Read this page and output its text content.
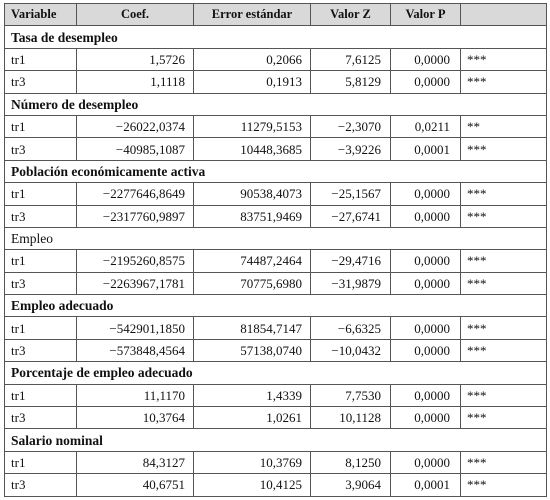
Variable	Coef.	Error estándar	Valor Z	Valor P	
Tasa de desempleo					
tr1	1,5726	0,2066	7,6125	0,0000	***
tr3	1,1118	0,1913	5,8129	0,0000	***
Número de desempleo					
tr1	−26022,0374	11279,5153	−2,3070	0,0211	**
tr3	−40985,1087	10448,3685	−3,9226	0,0001	***
Población económicamente activa					
tr1	−2277646,8649	90538,4073	−25,1567	0,0000	***
tr3	−2317760,9897	83751,9469	−27,6741	0,0000	***
Empleo					
tr1	−2195260,8575	74487,2464	−29,4716	0,0000	***
tr3	−2263967,1781	70775,6980	−31,9879	0,0000	***
Empleo adecuado					
tr1	−542901,1850	81854,7147	−6,6325	0,0000	***
tr3	−573848,4564	57138,0740	−10,0432	0,0000	***
Porcentaje de empleo adecuado					
tr1	11,1170	1,4339	7,7530	0,0000	***
tr3	10,3764	1,0261	10,1128	0,0000	***
Salario nominal					
tr1	84,3127	10,3769	8,1250	0,0000	***
tr3	40,6751	10,4125	3,9064	0,0001	***
